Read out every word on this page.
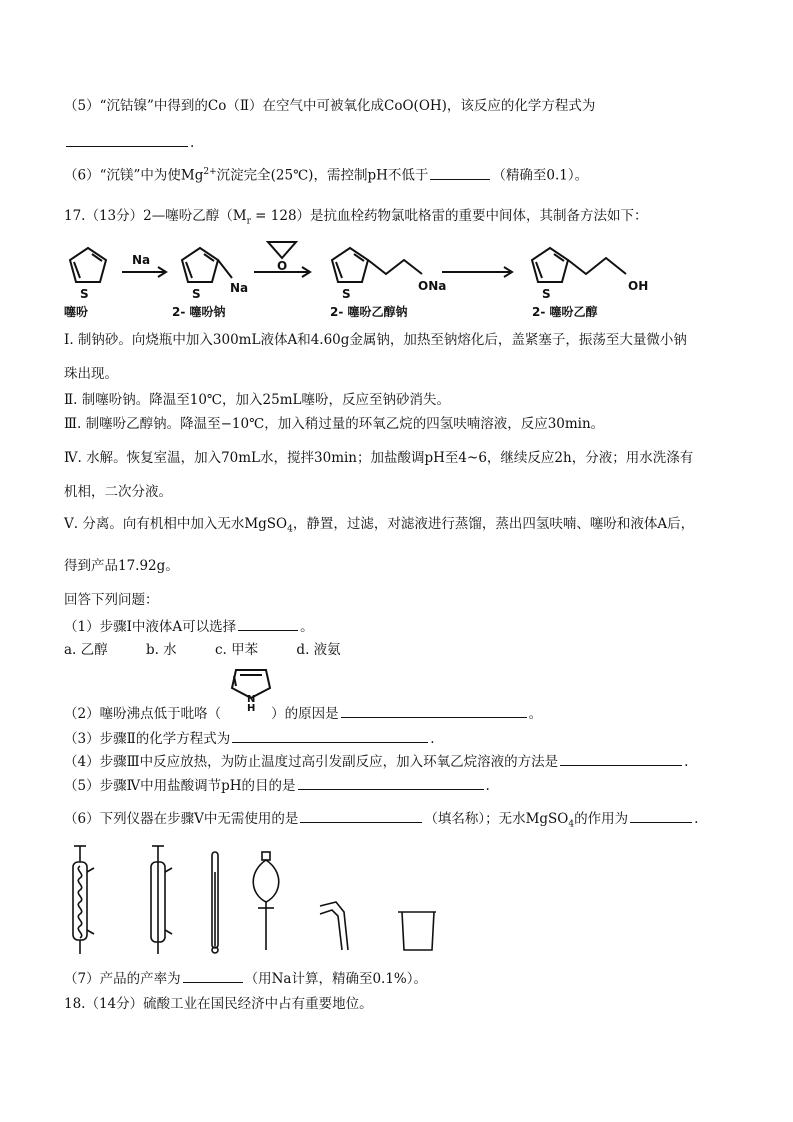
（5）“沉钴镍”中得到的Co（Ⅱ）在空气中可被氧化成CoO(OH)，该反应的化学方程式为
.
（6）“沉镁”中为使$Mg^{2+}$沉淀完全(25℃)，需控制pH不低于	（精确至0.1）。
17.（13分）2—噻吩乙醇$(M_r = 128)$是抗血栓药物氯吡格雷的重要中间体，其制备方法如下：
S	S	S	S
Na	ONa	OH
O
Na
噻吩	2- 噻吩钠	2- 噻吩乙醇钠	2- 噻吩乙醇
Ⅰ. 制钠砂。向烧瓶中加入300mL液体A和4.60g金属钠，加热至钠熔化后，盖紧塞子，振荡至大量微小钠
珠出现。
Ⅱ. 制噻吩钠。降温至10℃，加入25mL噻吩，反应至钠砂消失。
Ⅲ. 制噻吩乙醇钠。降温至−10℃，加入稍过量的环氧乙烷的四氢呋喃溶液，反应30min。
Ⅳ. 水解。恢复室温，加入70mL水，搅拌30min；加盐酸调pH至4~6，继续反应2h，分液；用水洗涤有
机相，二次分液。
Ⅴ. 分离。向有机相中加入无水MgSO$_4$，静置，过滤，对滤液进行蒸馏，蒸出四氢呋喃、噻吩和液体A后，
得到产品17.92g。
回答下列问题：
（1）步骤Ⅰ中液体A可以选择	。
a. 乙醇	b. 水	c. 甲苯	d. 液氨
N
H
（2）噻吩沸点低于吡咯（	）的原因是	。
（3）步骤Ⅱ的化学方程式为	.
（4）步骤Ⅲ中反应放热，为防止温度过高引发副反应，加入环氧乙烷溶液的方法是	.
（5）步骤Ⅳ中用盐酸调节pH的目的是	.
（6）下列仪器在步骤Ⅴ中无需使用的是	（填名称）；无水MgSO$_4$的作用为	.
（7）产品的产率为	（用Na计算，精确至0.1%）。
18.（14分）硫酸工业在国民经济中占有重要地位。
